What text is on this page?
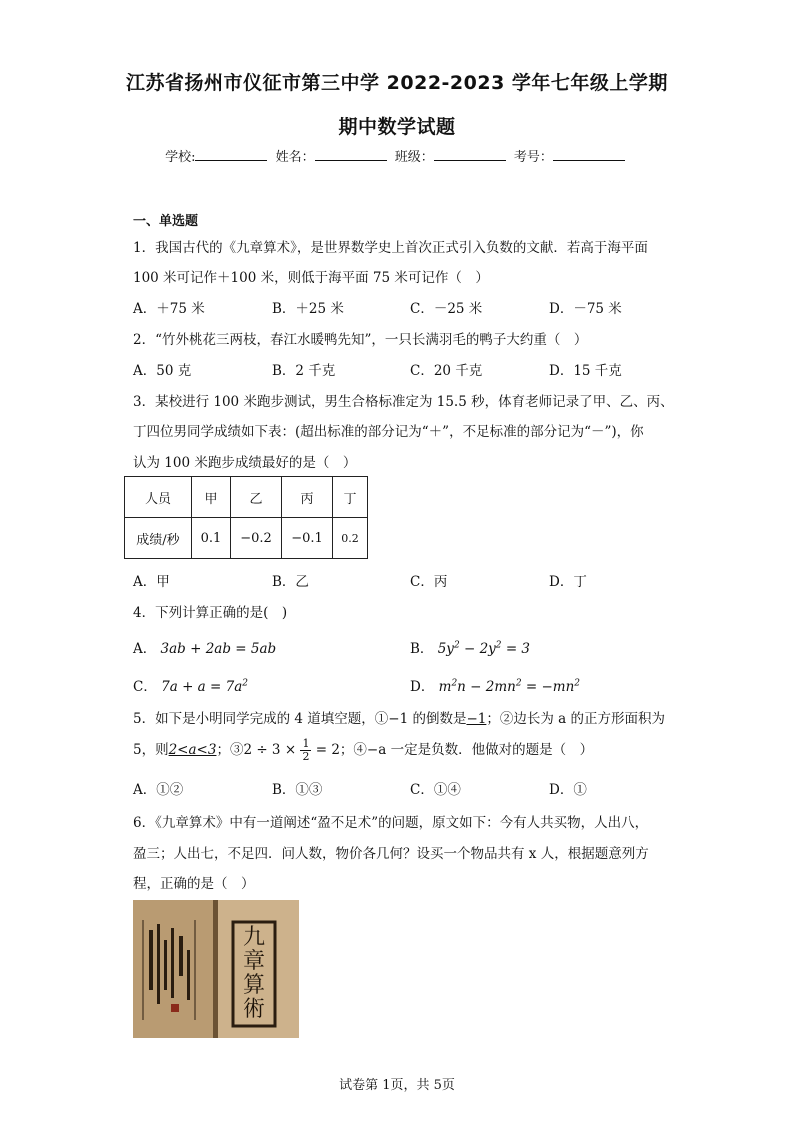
江苏省扬州市仪征市第三中学 2022-2023 学年七年级上学期
期中数学试题
学校:	姓名：	班级：	考号：
一、单选题
1．我国古代的《九章算术》，是世界数学史上首次正式引入负数的文献．若高于海平面
100 米可记作＋100 米，则低于海平面 75 米可记作（　）
A．＋75 米	B．＋25 米	C．－25 米	D．－75 米
2．“竹外桃花三两枝，春江水暖鸭先知”，一只长满羽毛的鸭子大约重（　）
A．50 克	B．2 千克	C．20 千克	D．15 千克
3．某校进行 100 米跑步测试，男生合格标准定为 15.5 秒，体育老师记录了甲、乙、丙、
丁四位男同学成绩如下表：(超出标准的部分记为“＋”，不足标准的部分记为“－”)，你
认为 100 米跑步成绩最好的是（　）
人员	甲	乙	丙	丁
成绩/秒	0.1	−0.2	−0.1	0.2
A．甲	B．乙	C．丙	D．丁
4．下列计算正确的是(　)
A． 3ab + 2ab = 5ab	B． $5y^2 - 2y^2 = 3$
C． $7a + a = 7a^2$	D． $m^2n - 2mn^2 = -mn^2$
5．如下是小明同学完成的 4 道填空题，①−1 的倒数是−1；②边长为 a 的正方形面积为
5，则2<a<3；③2 ÷ $3 \times \frac{1}{2} = 2$；④−a 一定是负数．他做对的题是（　）
A．①②	B．①③	C．①④	D．①
6．《九章算术》中有一道阐述“盈不足术”的问题，原文如下：今有人共买物，人出八，
盈三；人出七，不足四．问人数，物价各几何？设买一个物品共有 x 人，根据题意列方
程，正确的是（　）
九章算術
试卷第 1页，共 5页
